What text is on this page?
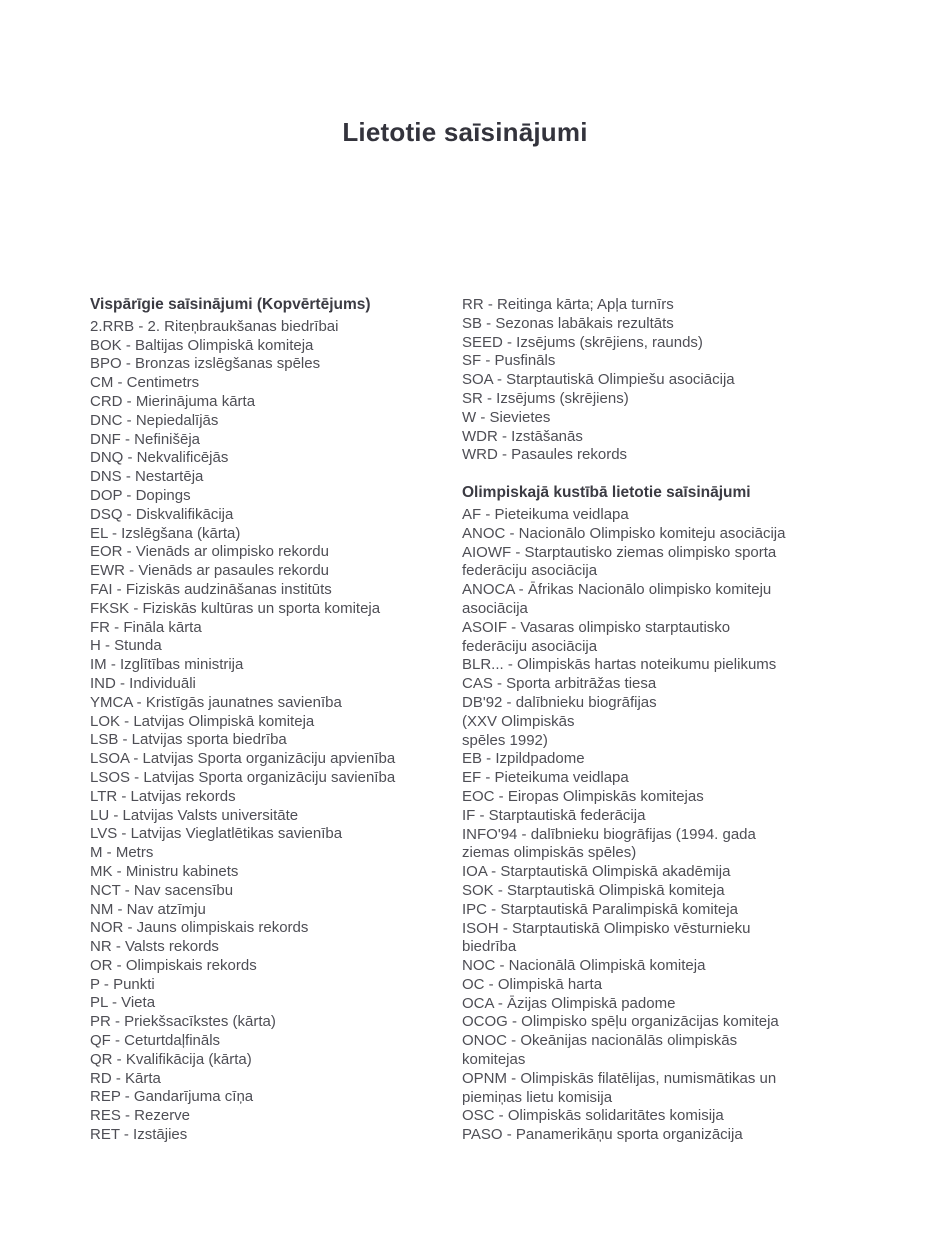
Lietotie saīsinājumi
Vispārīgie saīsinājumi (Kopvērtējums)
2.RRB - 2. Riteņbraukšanas biedrībai
BOK - Baltijas Olimpiskā komiteja
BPO - Bronzas izslēgšanas spēles
CM - Centimetrs
CRD - Mierinājuma kārta
DNC - Nepiedalījās
DNF - Nefinišēja
DNQ - Nekvalificējās
DNS - Nestartēja
DOP - Dopings
DSQ - Diskvalifikācija
EL - Izslēgšana (kārta)
EOR - Vienāds ar olimpisko rekordu
EWR - Vienāds ar pasaules rekordu
FAI - Fiziskās audzināšanas institūts
FKSK - Fiziskās kultūras un sporta komiteja
FR - Fināla kārta
H - Stunda
IM - Izglītības ministrija
IND - Individuāli
YMCA - Kristīgās jaunatnes savienība
LOK - Latvijas Olimpiskā komiteja
LSB - Latvijas sporta biedrība
LSOA - Latvijas Sporta organizāciju apvienība
LSOS - Latvijas Sporta organizāciju savienība
LTR - Latvijas rekords
LU - Latvijas Valsts universitāte
LVS - Latvijas Vieglatlētikas savienība
M - Metrs
MK - Ministru kabinets
NCT - Nav sacensību
NM - Nav atzīmju
NOR - Jauns olimpiskais rekords
NR - Valsts rekords
OR - Olimpiskais rekords
P - Punkti
PL - Vieta
PR - Priekšsacīkstes (kārta)
QF - Ceturtdaļfināls
QR - Kvalifikācija (kārta)
RD - Kārta
REP - Gandarījuma cīņa
RES - Rezerve
RET - Izstājies
RR - Reitinga kārta; Apļa turnīrs
SB - Sezonas labākais rezultāts
SEED - Izsējums (skrējiens, raunds)
SF - Pusfināls
SOA - Starptautiskā Olimpiešu asociācija
SR - Izsējums (skrējiens)
W - Sievietes
WDR - Izstāšanās
WRD - Pasaules rekords
Olimpiskajā kustībā lietotie saīsinājumi
AF - Pieteikuma veidlapa
ANOC - Nacionālo Olimpisko komiteju asociācija
AIOWF - Starptautisko ziemas olimpisko sporta
federāciju asociācija
ANOCA - Āfrikas Nacionālo olimpisko komiteju
asociācija
ASOIF - Vasaras olimpisko starptautisko
federāciju asociācija
BLR... - Olimpiskās hartas noteikumu pielikums
CAS - Sporta arbitrāžas tiesa
DB'92 - dalībnieku biogrāfijas
(XXV Olimpiskās
spēles 1992)
EB - Izpildpadome
EF - Pieteikuma veidlapa
EOC - Eiropas Olimpiskās komitejas
IF - Starptautiskā federācija
INFO'94 - dalībnieku biogrāfijas (1994. gada
ziemas olimpiskās spēles)
IOA - Starptautiskā Olimpiskā akadēmija
SOK - Starptautiskā Olimpiskā komiteja
IPC - Starptautiskā Paralimpiskā komiteja
ISOH - Starptautiskā Olimpisko vēsturnieku
biedrība
NOC - Nacionālā Olimpiskā komiteja
OC - Olimpiskā harta
OCA - Āzijas Olimpiskā padome
OCOG - Olimpisko spēļu organizācijas komiteja
ONOC - Okeānijas nacionālās olimpiskās
komitejas
OPNM - Olimpiskās filatēlijas, numismātikas un
piemiņas lietu komisija
OSC - Olimpiskās solidaritātes komisija
PASO - Panamerikāņu sporta organizācija
